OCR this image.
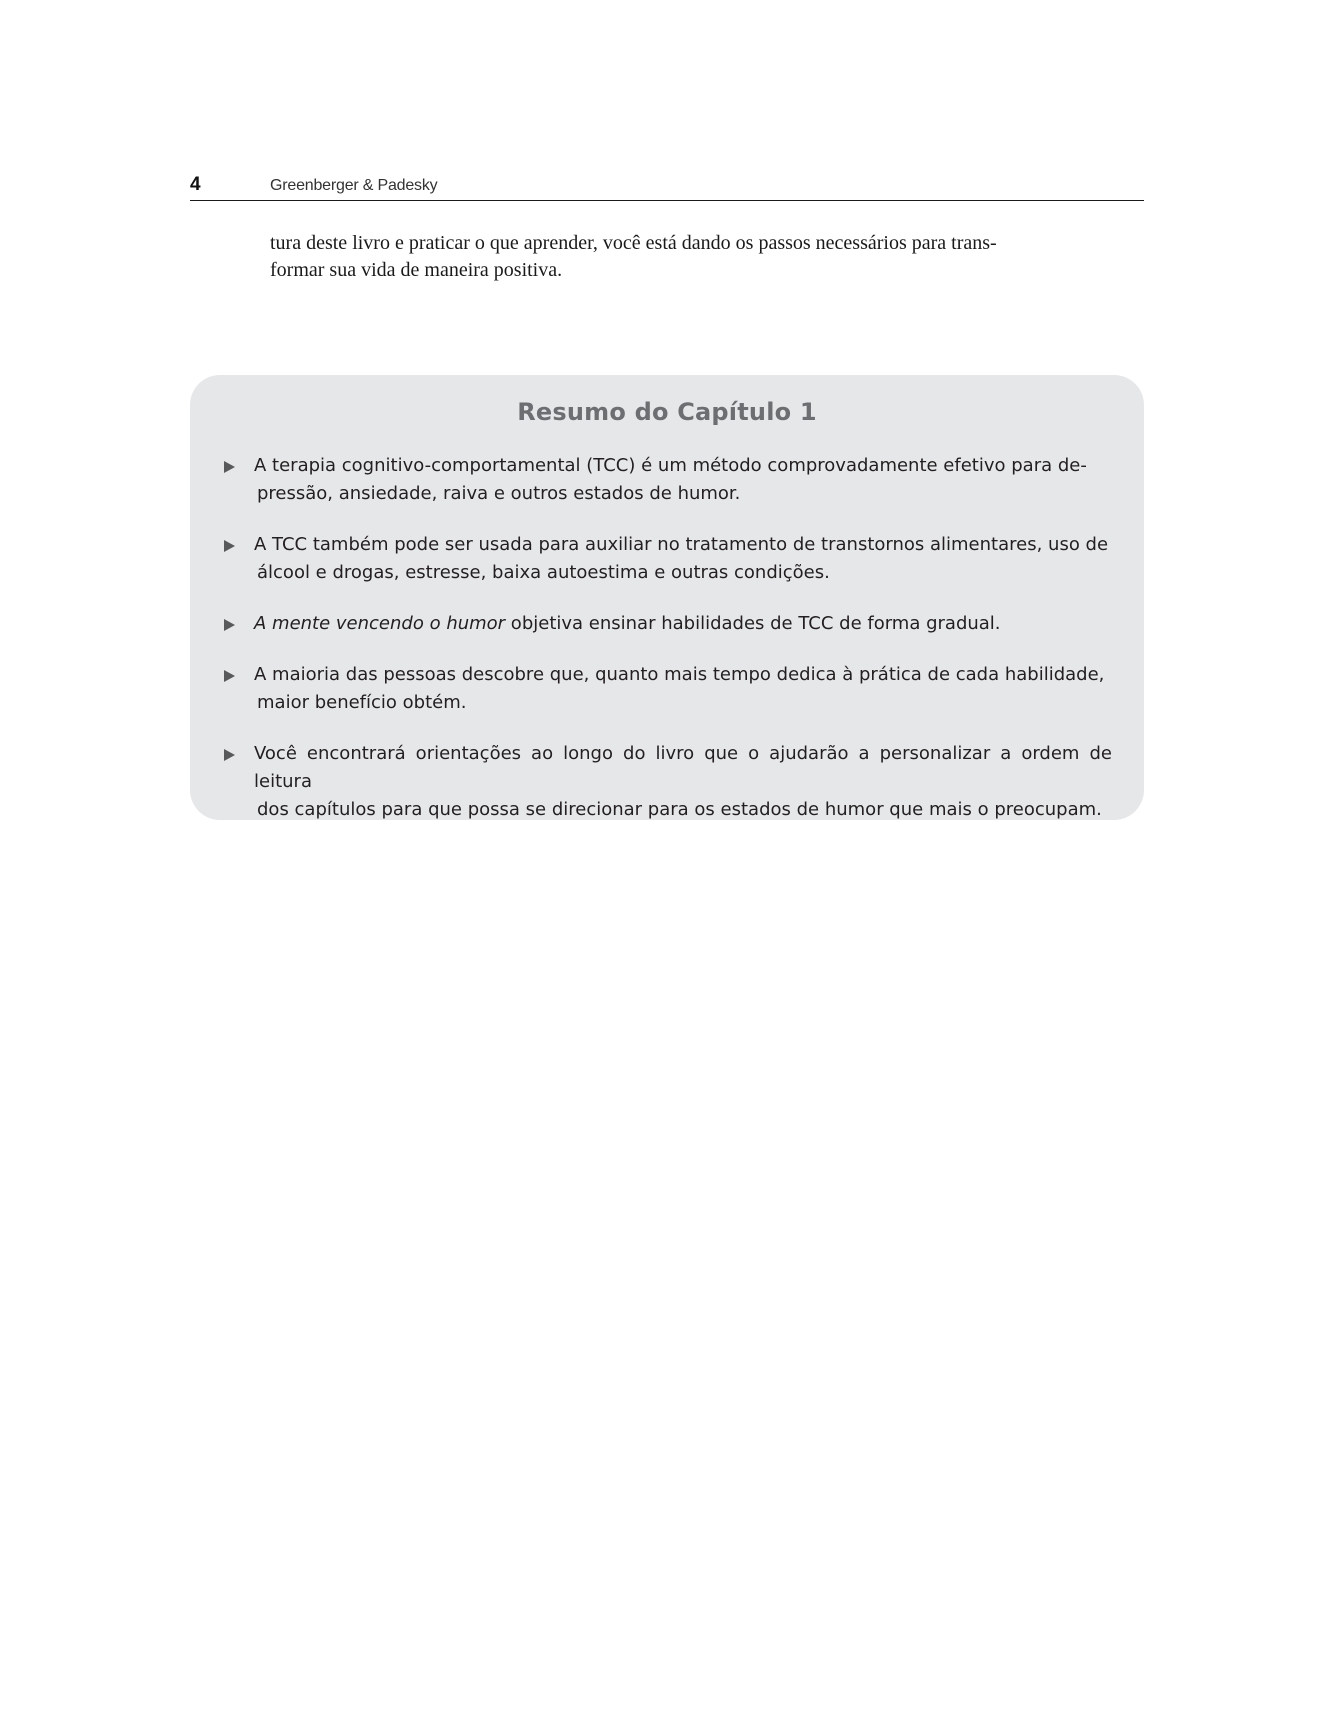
4	Greenberger & Padesky

tura deste livro e praticar o que aprender, você está dando os passos necessários para trans-

formar sua vida de maneira positiva.

Resumo do Capítulo 1
A terapia cognitivo-comportamental (TCC) é um método comprovadamente efetivo para de-
pressão, ansiedade, raiva e outros estados de humor.
A TCC também pode ser usada para auxiliar no tratamento de transtornos alimentares, uso de
álcool e drogas, estresse, baixa autoestima e outras condições.
A mente vencendo o humor objetiva ensinar habilidades de TCC de forma gradual.
A maioria das pessoas descobre que, quanto mais tempo dedica à prática de cada habilidade,
maior benefício obtém.
Você encontrará orientações ao longo do livro que o ajudarão a personalizar a ordem de leitura
dos capítulos para que possa se direcionar para os estados de humor que mais o preocupam.
